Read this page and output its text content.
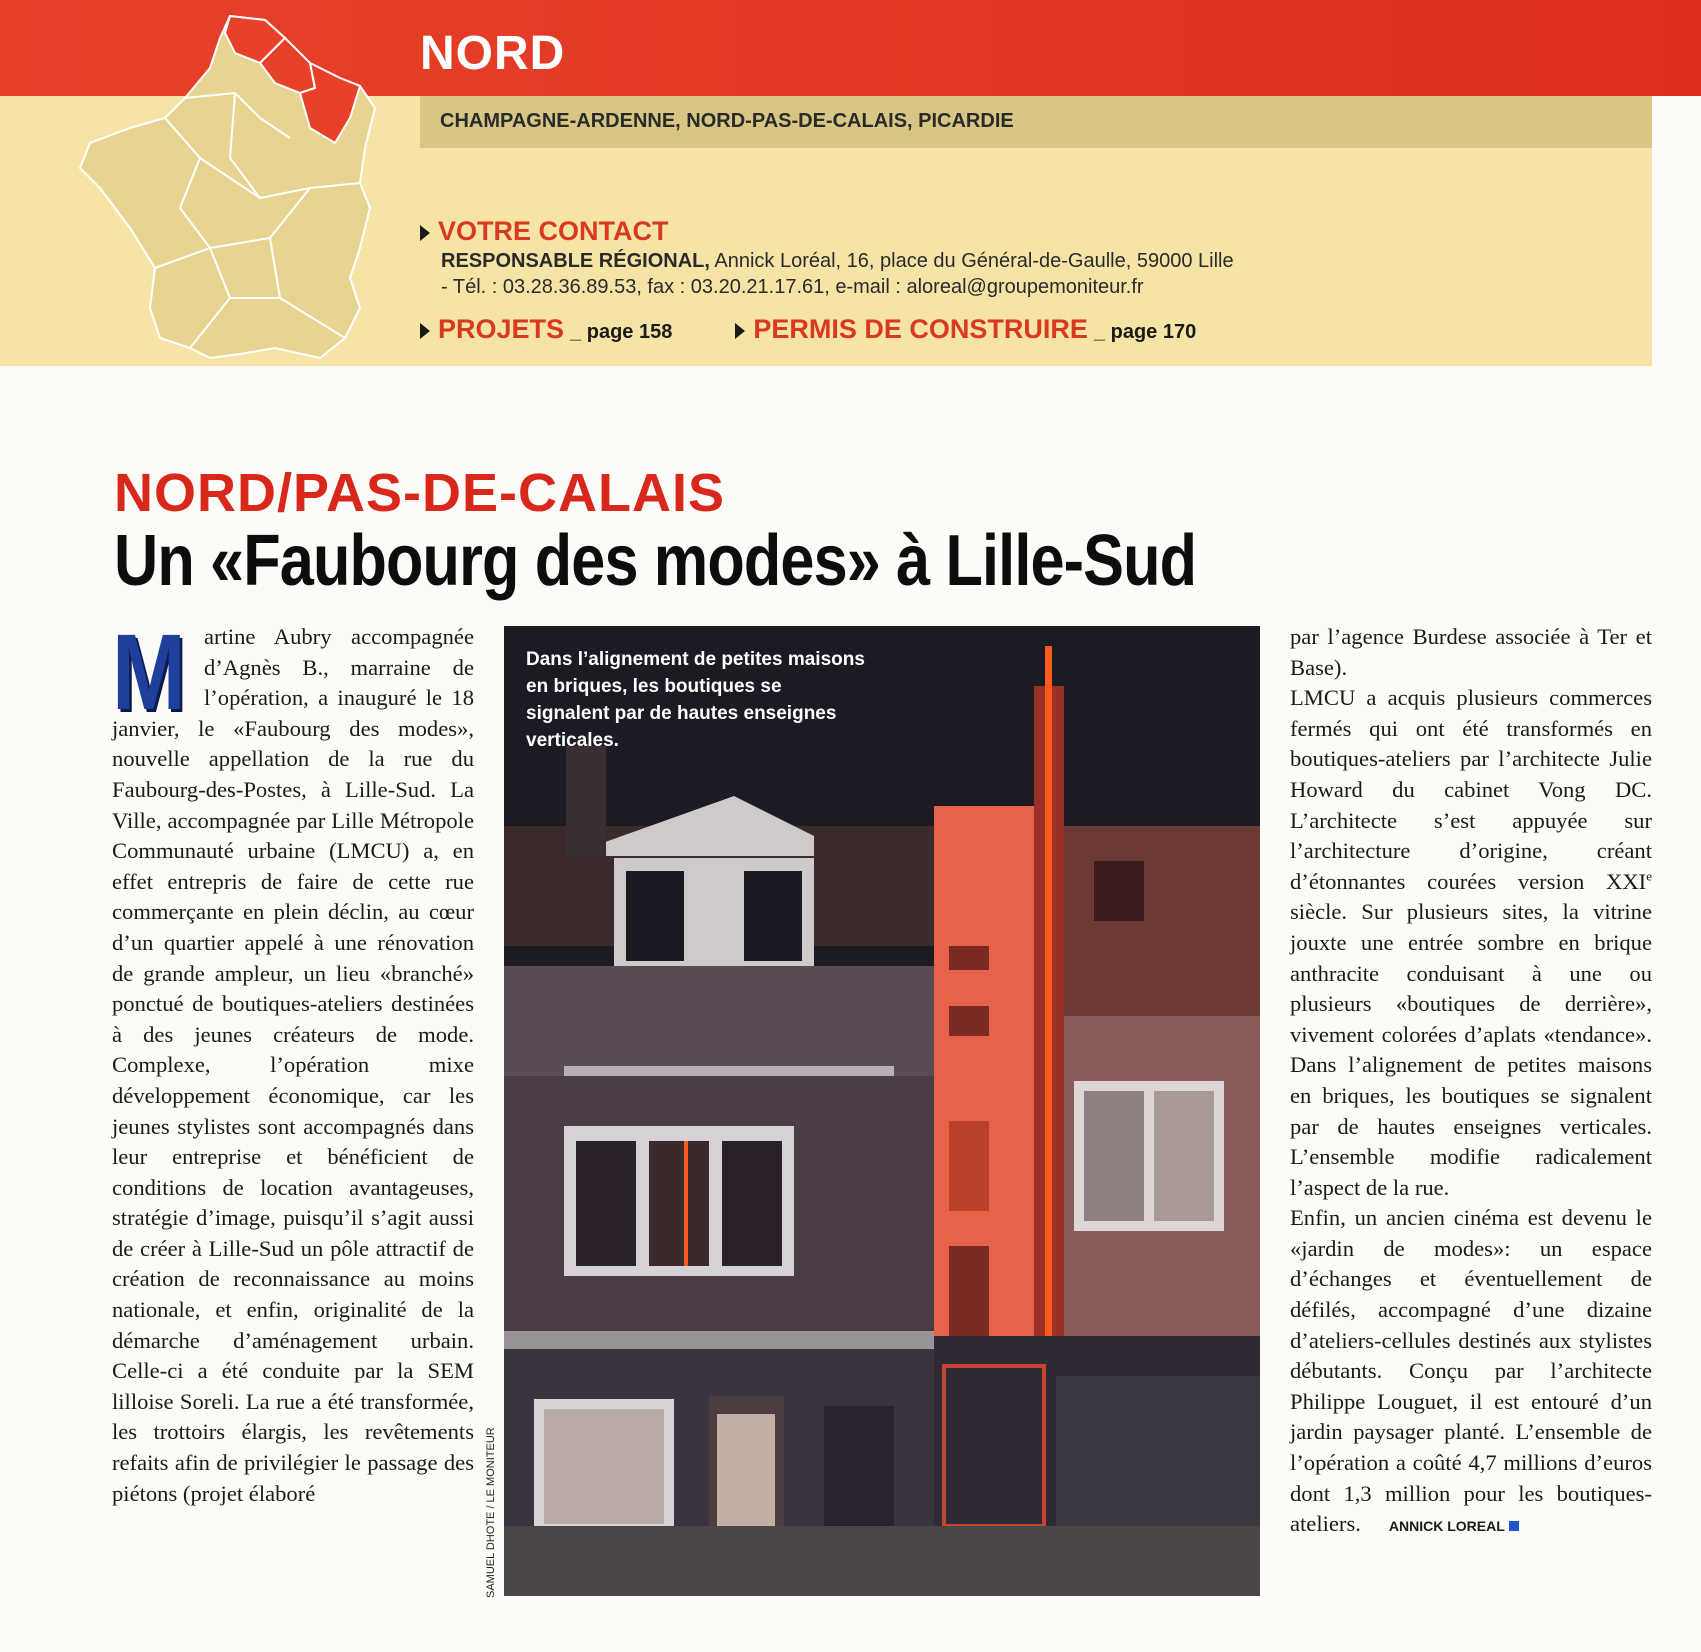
NORD
CHAMPAGNE-ARDENNE, NORD-PAS-DE-CALAIS, PICARDIE
VOTRE CONTACT
RESPONSABLE RÉGIONAL, Annick Loréal, 16, place du Général-de-Gaulle, 59000 Lille
- Tél. : 03.28.36.89.53, fax : 03.20.21.17.61, e-mail : aloreal@groupemoniteur.fr
PROJETS _ page 158	PERMIS DE CONSTRUIRE _ page 170
NORD/PAS-DE-CALAIS
Un «Faubourg des modes» à Lille-Sud
Martine Aubry accompagnée d’Agnès B., marraine de l’opération, a inauguré le 18 janvier, le «Faubourg des modes», nouvelle appellation de la rue du Faubourg-des-Postes, à Lille-Sud. La Ville, accompagnée par Lille Métropole Communauté urbaine (LMCU) a, en effet entrepris de faire de cette rue commerçante en plein déclin, au cœur d’un quartier appelé à une rénovation de grande ampleur, un lieu «branché» ponctué de boutiques-ateliers destinées à des jeunes créateurs de mode. Complexe, l’opération mixe développement économique, car les jeunes stylistes sont accompagnés dans leur entreprise et bénéficient de conditions de location avantageuses, stratégie d’image, puisqu’il s’agit aussi de créer à Lille-Sud un pôle attractif de création de reconnaissance au moins nationale, et enfin, originalité de la démarche d’aménagement urbain. Celle-ci a été conduite par la SEM lilloise Soreli. La rue a été transformée, les trottoirs élargis, les revêtements refaits afin de privilégier le passage des piétons (projet élaboré
Dans l’alignement de petites maisons en briques, les boutiques se signalent par de hautes enseignes verticales.
SAMUEL DHOTE / LE MONITEUR

par l’agence Burdese associée à Ter et Base).

LMCU a acquis plusieurs commerces fermés qui ont été transformés en boutiques-ateliers par l’architecte Julie Howard du cabinet Vong DC. L’architecte s’est appuyée sur l’architecture d’origine, créant d’étonnantes courées version XXIe siècle. Sur plusieurs sites, la vitrine jouxte une entrée sombre en brique anthracite conduisant à une ou plusieurs «boutiques de derrière», vivement colorées d’aplats «tendance». Dans l’alignement de petites maisons en briques, les boutiques se signalent par de hautes enseignes verticales. L’ensemble modifie radicalement l’aspect de la rue.

Enfin, un ancien cinéma est devenu le «jardin de modes»: un espace d’échanges et éventuellement de défilés, accompagné d’une dizaine d’ateliers-cellules destinés aux stylistes débutants. Conçu par l’architecte Philippe Louguet, il est entouré d’un jardin paysager planté. L’ensemble de l’opération a coûté 4,7 millions d’euros dont 1,3 million pour les boutiques-ateliers. ANNICK LOREAL
